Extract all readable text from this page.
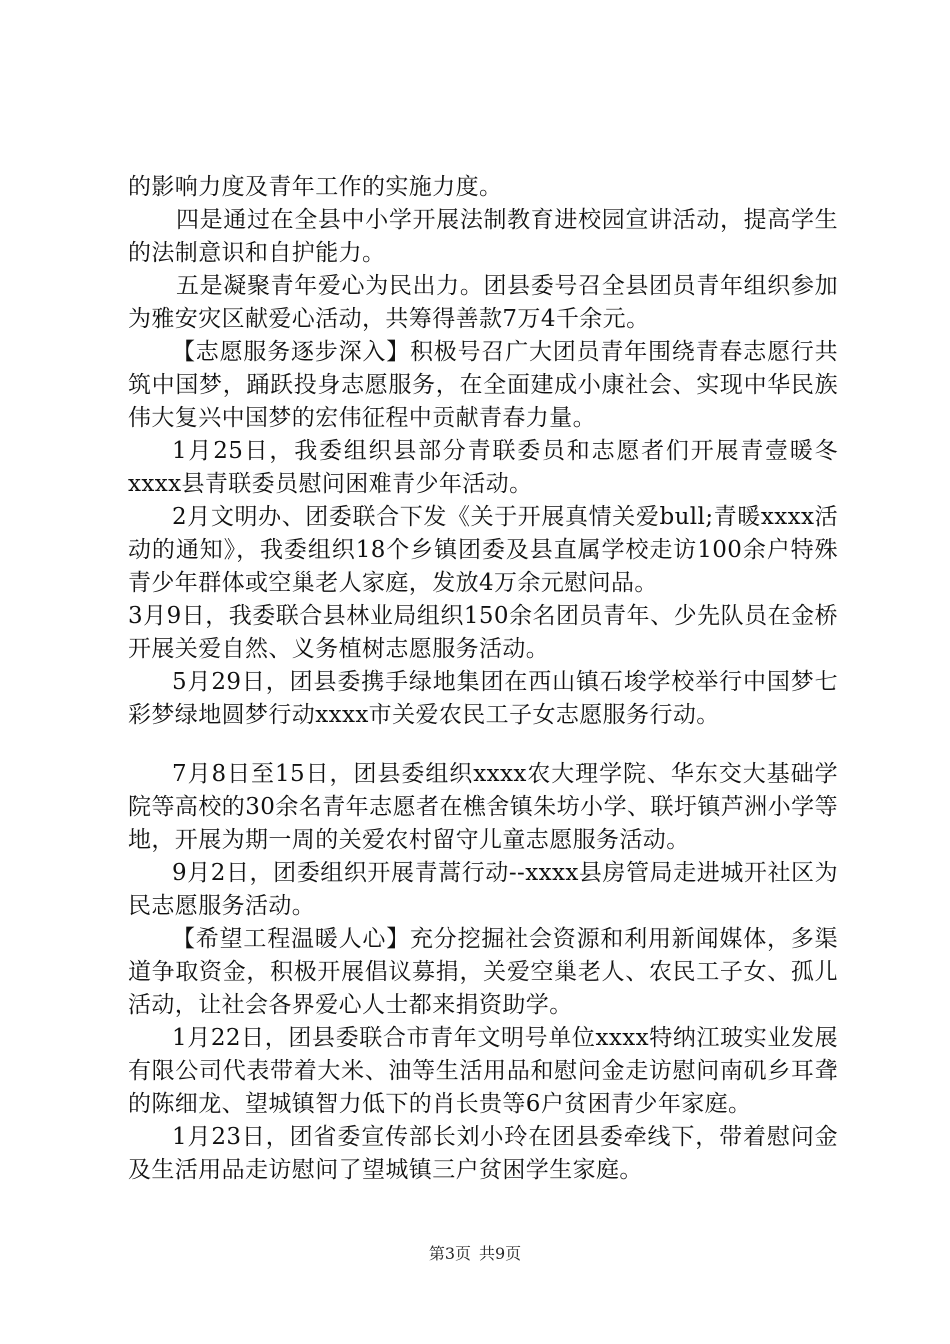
的影响力度及青年工作的实施力度。

四是通过在全县中小学开展法制教育进校园宣讲活动，提高学生的法制意识和自护能力。

五是凝聚青年爱心为民出力。团县委号召全县团员青年组织参加为雅安灾区献爱心活动，共筹得善款7万4千余元。

【志愿服务逐步深入】积极号召广大团员青年围绕青春志愿行共筑中国梦，踊跃投身志愿服务，在全面建成小康社会、实现中华民族伟大复兴中国梦的宏伟征程中贡献青春力量。

1月25日，我委组织县部分青联委员和志愿者们开展青壹暖冬xxxx县青联委员慰问困难青少年活动。

2月文明办、团委联合下发《关于开展真情关爱bull;青暖xxxx活动的通知》，我委组织18个乡镇团委及县直属学校走访100余户特殊青少年群体或空巢老人家庭，发放4万余元慰问品。

3月9日，我委联合县林业局组织150余名团员青年、少先队员在金桥开展关爱自然、义务植树志愿服务活动。

5月29日，团县委携手绿地集团在西山镇石埈学校举行中国梦七彩梦绿地圆梦行动xxxx市关爱农民工子女志愿服务行动。

7月8日至15日，团县委组织xxxx农大理学院、华东交大基础学院等高校的30余名青年志愿者在樵舍镇朱坊小学、联圩镇芦洲小学等地，开展为期一周的关爱农村留守儿童志愿服务活动。

9月2日，团委组织开展青蒿行动--xxxx县房管局走进城开社区为民志愿服务活动。

【希望工程温暖人心】充分挖掘社会资源和利用新闻媒体，多渠道争取资金，积极开展倡议募捐，关爱空巢老人、农民工子女、孤儿活动，让社会各界爱心人士都来捐资助学。

1月22日，团县委联合市青年文明号单位xxxx特纳江玻实业发展有限公司代表带着大米、油等生活用品和慰问金走访慰问南矶乡耳聋的陈细龙、望城镇智力低下的肖长贵等6户贫困青少年家庭。

1月23日，团省委宣传部长刘小玲在团县委牵线下，带着慰问金及生活用品走访慰问了望城镇三户贫困学生家庭。

第3页 共9页
